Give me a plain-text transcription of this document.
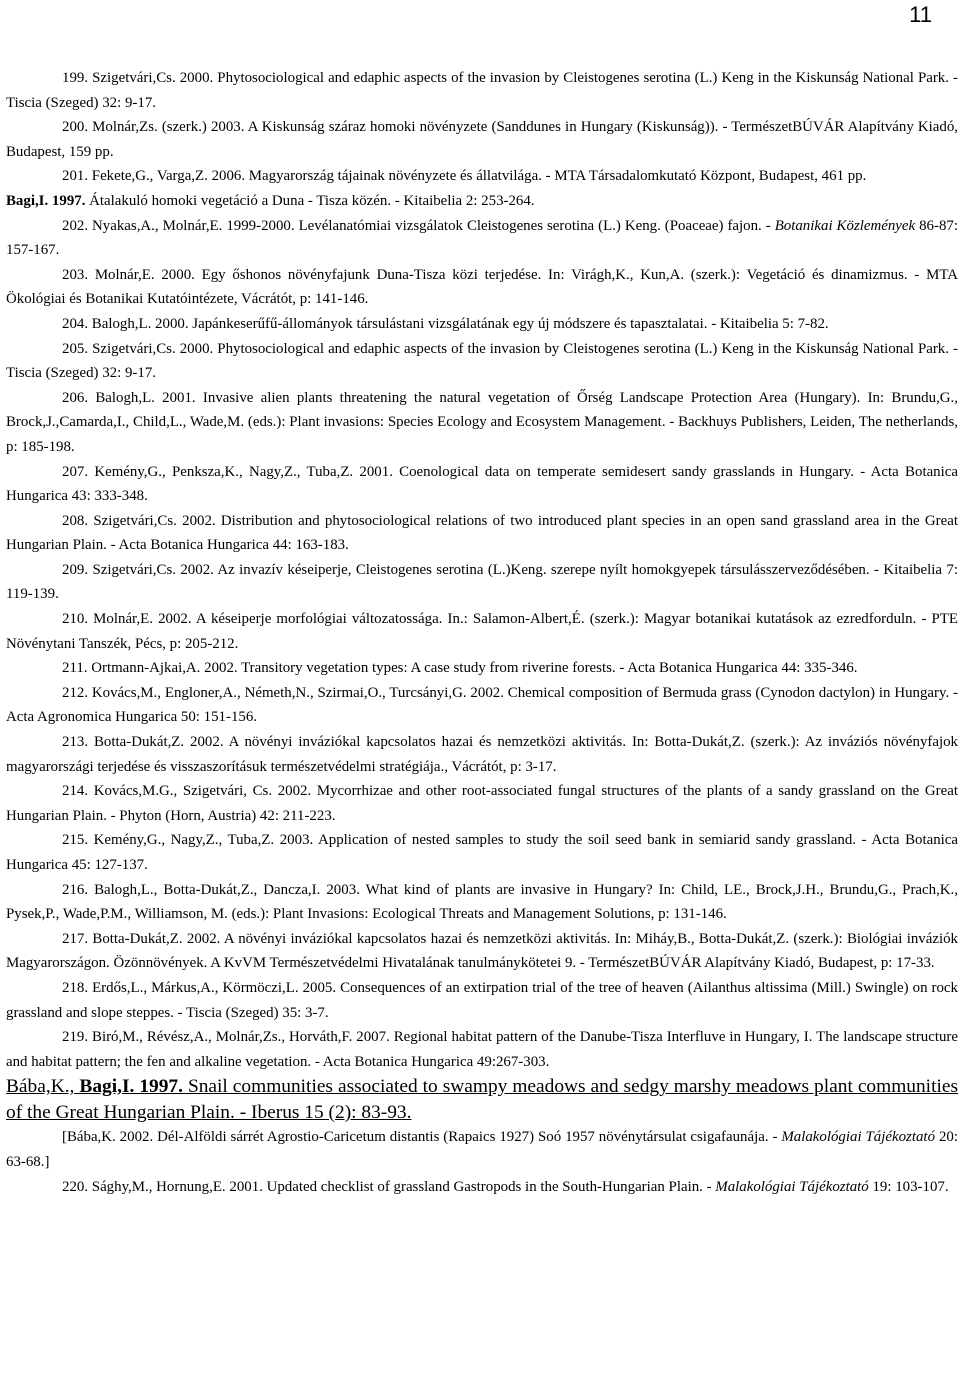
11

199. Szigetvári,Cs. 2000. Phytosociological and edaphic aspects of the invasion by Cleistogenes serotina (L.) Keng in the Kiskunság National Park. - Tiscia (Szeged) 32: 9-17.

200. Molnár,Zs. (szerk.) 2003. A Kiskunság száraz homoki növényzete (Sanddunes in Hungary (Kiskunság)). - TermészetBÚVÁR Alapítvány Kiadó, Budapest, 159 pp.

201. Fekete,G., Varga,Z. 2006. Magyarország tájainak növényzete és állatvilága. - MTA Társadalomkutató Központ, Budapest, 461 pp.

Bagi,I. 1997. Átalakuló homoki vegetáció a Duna - Tisza közén. - Kitaibelia 2: 253-264.

202. Nyakas,A., Molnár,E. 1999-2000. Levélanatómiai vizsgálatok Cleistogenes serotina (L.) Keng. (Poaceae) fajon. - Botanikai Közlemények 86-87: 157-167.

203. Molnár,E. 2000. Egy őshonos növényfajunk Duna-Tisza közi terjedése. In: Virágh,K., Kun,A. (szerk.): Vegetáció és dinamizmus. - MTA Ökológiai és Botanikai Kutatóintézete, Vácrátót, p: 141-146.

204. Balogh,L. 2000. Japánkeserűfű-állományok társulástani vizsgálatának egy új módszere és tapasztalatai. - Kitaibelia 5: 7-82.

205. Szigetvári,Cs. 2000. Phytosociological and edaphic aspects of the invasion by Cleistogenes serotina (L.) Keng in the Kiskunság National Park. - Tiscia (Szeged) 32: 9-17.

206. Balogh,L. 2001. Invasive alien plants threatening the natural vegetation of Őrség Landscape Protection Area (Hungary). In: Brundu,G., Brock,J.,Camarda,I., Child,L., Wade,M. (eds.): Plant invasions: Species Ecology and Ecosystem Management. - Backhuys Publishers, Leiden, The netherlands, p: 185-198.

207. Kemény,G., Penksza,K., Nagy,Z., Tuba,Z. 2001. Coenological data on temperate semidesert sandy grasslands in Hungary. - Acta Botanica Hungarica 43: 333-348.

208. Szigetvári,Cs. 2002. Distribution and phytosociological relations of two introduced plant species in an open sand grassland area in the Great Hungarian Plain. - Acta Botanica Hungarica 44: 163-183.

209. Szigetvári,Cs. 2002. Az invazív késeiperje, Cleistogenes serotina (L.)Keng. szerepe nyílt homokgyepek társulásszerveződésében. - Kitaibelia 7: 119-139.

210. Molnár,E. 2002. A késeiperje morfológiai változatossága. In.: Salamon-Albert,É. (szerk.): Magyar botanikai kutatások az ezredforduln. - PTE Növénytani Tanszék, Pécs, p: 205-212.

211. Ortmann-Ajkai,A. 2002. Transitory vegetation types: A case study from riverine forests. - Acta Botanica Hungarica 44: 335-346.

212. Kovács,M., Engloner,A., Németh,N., Szirmai,O., Turcsányi,G. 2002. Chemical composition of Bermuda grass (Cynodon dactylon) in Hungary. - Acta Agronomica Hungarica 50: 151-156.

213. Botta-Dukát,Z. 2002. A növényi inváziókal kapcsolatos hazai és nemzetközi aktivitás. In: Botta-Dukát,Z. (szerk.): Az inváziós növényfajok magyarországi terjedése és visszaszorításuk természetvédelmi stratégiája., Vácrátót, p: 3-17.

214. Kovács,M.G., Szigetvári, Cs. 2002. Mycorrhizae and other root-associated fungal structures of the plants of a sandy grassland on the Great Hungarian Plain. - Phyton (Horn, Austria) 42: 211-223.

215. Kemény,G., Nagy,Z., Tuba,Z. 2003. Application of nested samples to study the soil seed bank in semiarid sandy grassland. - Acta Botanica Hungarica 45: 127-137.

216. Balogh,L., Botta-Dukát,Z., Dancza,I. 2003. What kind of plants are invasive in Hungary? In: Child, LE., Brock,J.H., Brundu,G., Prach,K., Pysek,P., Wade,P.M., Williamson, M. (eds.): Plant Invasions: Ecological Threats and Management Solutions, p: 131-146.

217. Botta-Dukát,Z. 2002. A növényi inváziókal kapcsolatos hazai és nemzetközi aktivitás. In: Miháy,B., Botta-Dukát,Z. (szerk.): Biológiai inváziók Magyarországon. Özönnövények. A KvVM Természetvédelmi Hivatalának tanulmánykötetei 9. - TermészetBÚVÁR Alapítvány Kiadó, Budapest, p: 17-33.

218. Erdős,L., Márkus,A., Körmöczi,L. 2005. Consequences of an extirpation trial of the tree of heaven (Ailanthus altissima (Mill.) Swingle) on rock grassland and slope steppes. - Tiscia (Szeged) 35: 3-7.

219. Biró,M., Révész,A., Molnár,Zs., Horváth,F. 2007. Regional habitat pattern of the Danube-Tisza Interfluve in Hungary, I. The landscape structure and habitat pattern; the fen and alkaline vegetation. - Acta Botanica Hungarica 49:267-303.

Bába,K., Bagi,I. 1997. Snail communities associated to swampy meadows and sedgy marshy meadows plant communities of the Great Hungarian Plain. - Iberus 15 (2): 83-93.

[Bába,K. 2002. Dél-Alföldi sárrét Agrostio-Caricetum distantis (Rapaics 1927) Soó 1957 növénytársulat csigafaunája. - Malakológiai Tájékoztató 20: 63-68.]

220. Sághy,M., Hornung,E. 2001. Updated checklist of grassland Gastropods in the South-Hungarian Plain. - Malakológiai Tájékoztató 19: 103-107.
